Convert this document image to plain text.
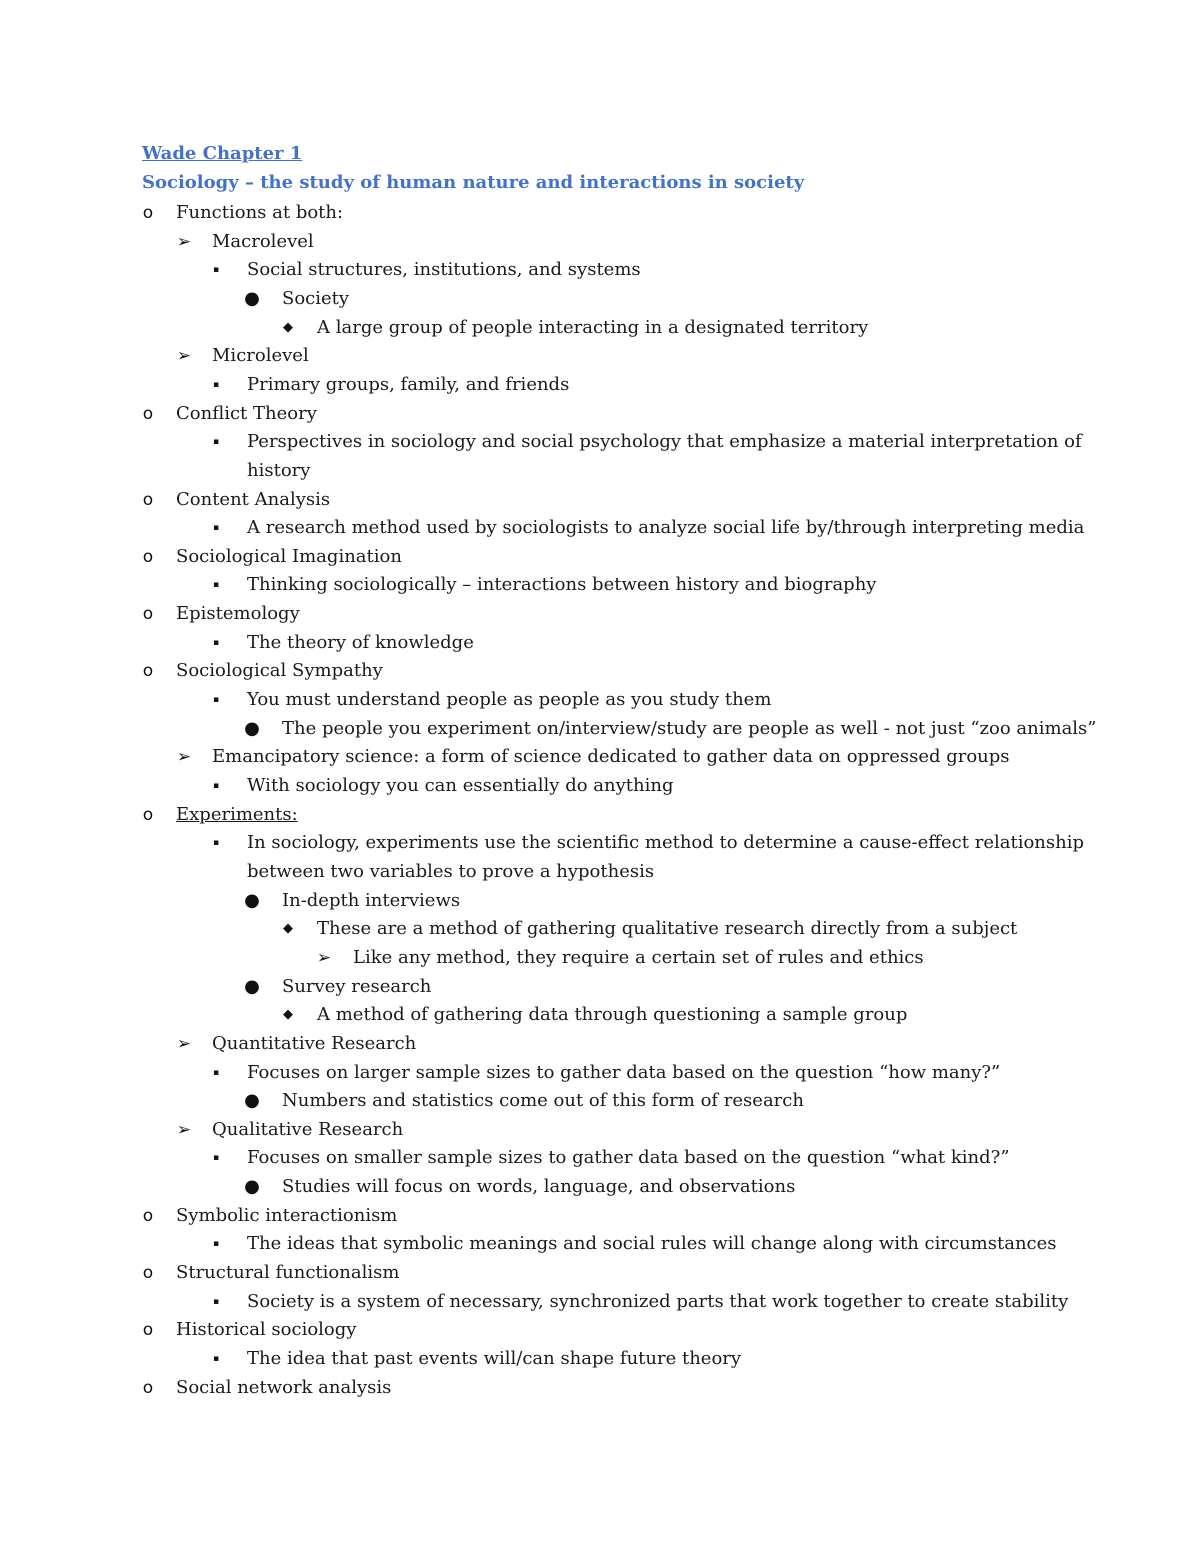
Wade Chapter 1
Sociology – the study of human nature and interactions in society
o Functions at both:
➢ Macrolevel
▪ Social structures, institutions, and systems
● Society
◆ A large group of people interacting in a designated territory
➢ Microlevel
▪ Primary groups, family, and friends
o Conflict Theory
▪ Perspectives in sociology and social psychology that emphasize a material interpretation of
history
o Content Analysis
▪ A research method used by sociologists to analyze social life by/through interpreting media
o Sociological Imagination
▪ Thinking sociologically – interactions between history and biography
o Epistemology
▪ The theory of knowledge
o Sociological Sympathy
▪ You must understand people as people as you study them
● The people you experiment on/interview/study are people as well - not just “zoo animals”
➢ Emancipatory science: a form of science dedicated to gather data on oppressed groups
▪ With sociology you can essentially do anything
o Experiments:
▪ In sociology, experiments use the scientific method to determine a cause-effect relationship
between two variables to prove a hypothesis
● In-depth interviews
◆ These are a method of gathering qualitative research directly from a subject
➢ Like any method, they require a certain set of rules and ethics
● Survey research
◆ A method of gathering data through questioning a sample group
➢ Quantitative Research
▪ Focuses on larger sample sizes to gather data based on the question “how many?”
● Numbers and statistics come out of this form of research
➢ Qualitative Research
▪ Focuses on smaller sample sizes to gather data based on the question “what kind?”
● Studies will focus on words, language, and observations
o Symbolic interactionism
▪ The ideas that symbolic meanings and social rules will change along with circumstances
o Structural functionalism
▪ Society is a system of necessary, synchronized parts that work together to create stability
o Historical sociology
▪ The idea that past events will/can shape future theory
o Social network analysis
